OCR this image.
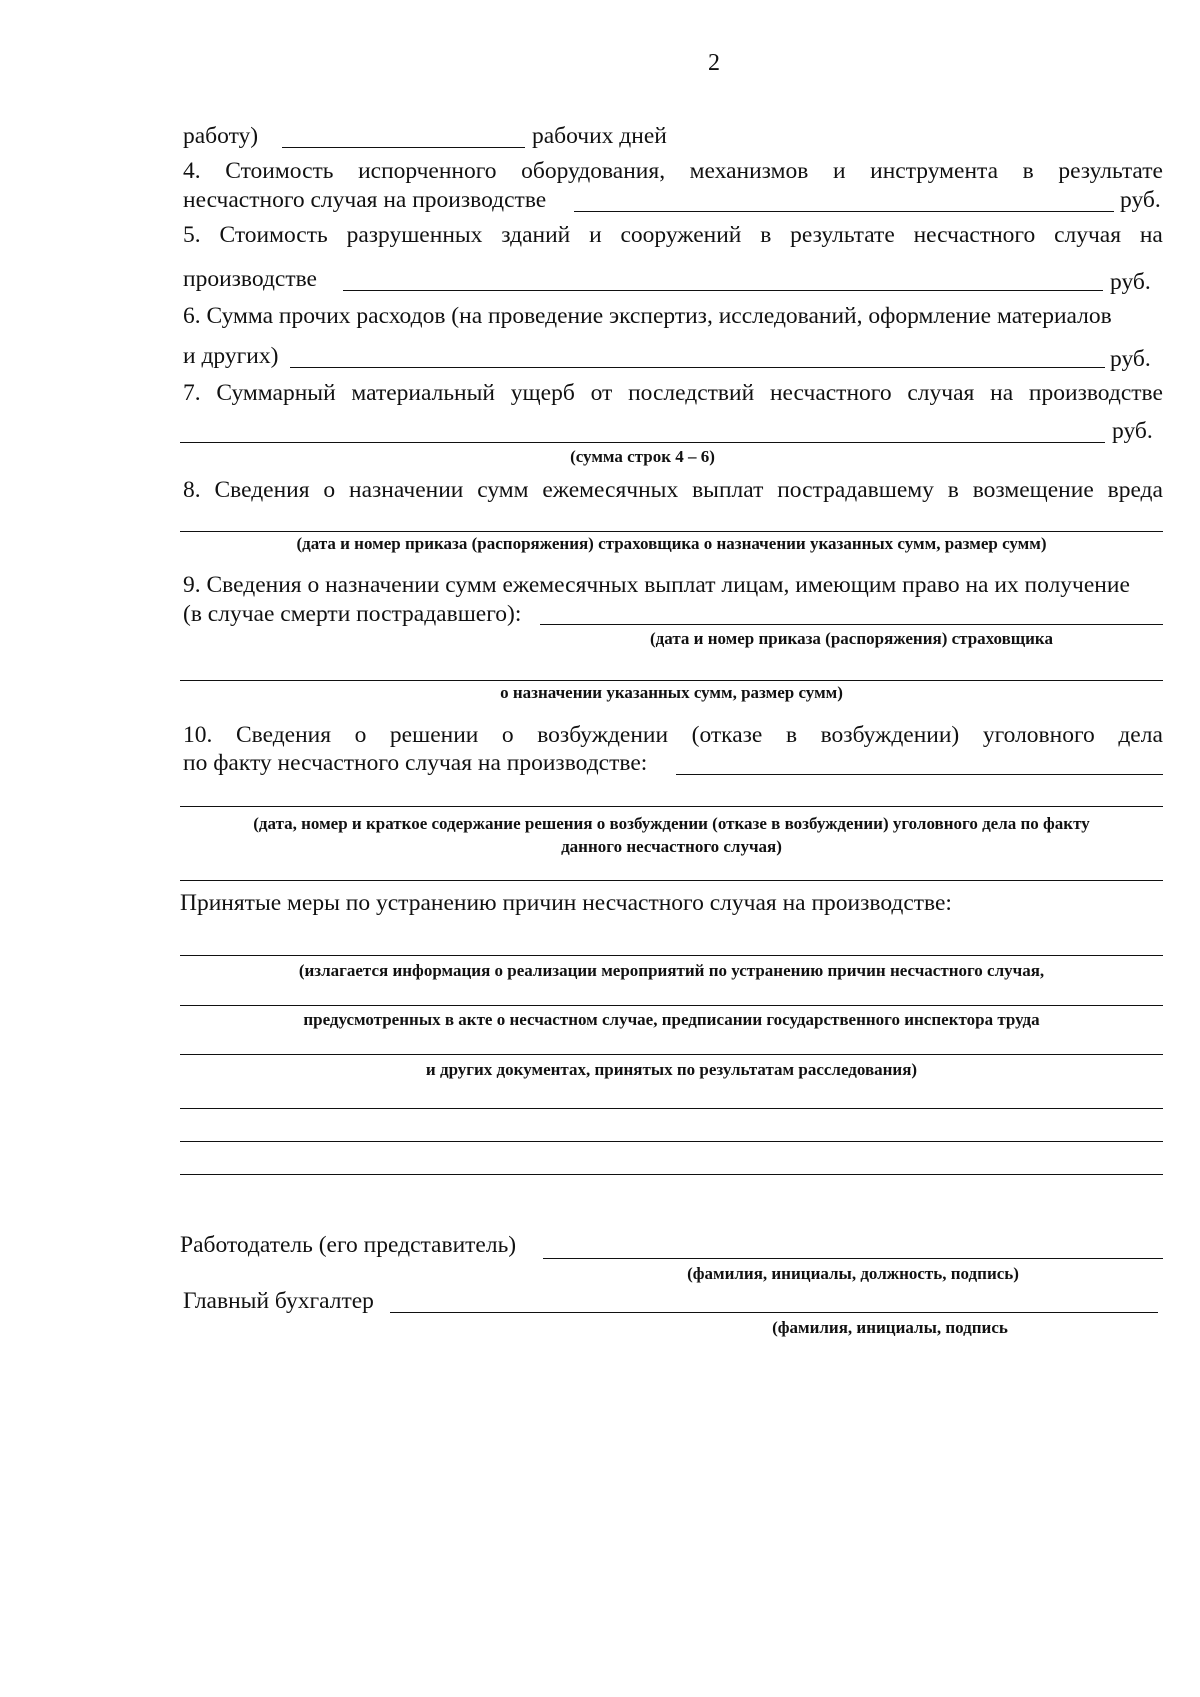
2
работу)	рабочих дней
4. Стоимость испорченного оборудования, механизмов и инструмента в результате
несчастного случая на производстве	руб.
5. Стоимость разрушенных зданий и сооружений в результате несчастного случая на
производстве	руб.
6. Сумма прочих расходов (на проведение экспертиз, исследований, оформление материалов
и других)	руб.
7. Суммарный материальный ущерб от последствий несчастного случая на производстве
руб.
(сумма строк 4 – 6)
8. Сведения о назначении сумм ежемесячных выплат пострадавшему в возмещение вреда
(дата и номер приказа (распоряжения) страховщика о назначении указанных сумм, размер сумм)
9. Сведения о назначении сумм ежемесячных выплат лицам, имеющим право на их получение
(в случае смерти пострадавшего):
(дата и номер приказа (распоряжения) страховщика
о назначении указанных сумм, размер сумм)
10. Сведения о решении о возбуждении (отказе в возбуждении) уголовного дела
по факту несчастного случая на производстве:
(дата, номер и краткое содержание решения о возбуждении (отказе в возбуждении) уголовного дела по факту
данного несчастного случая)
Принятые меры по устранению причин несчастного случая на производстве:
(излагается информация о реализации мероприятий по устранению причин несчастного случая,
предусмотренных в акте о несчастном случае, предписании государственного инспектора труда
и других документах, принятых по результатам расследования)
Работодатель (его представитель)
(фамилия, инициалы, должность, подпись)
Главный бухгалтер
(фамилия, инициалы, подпись
